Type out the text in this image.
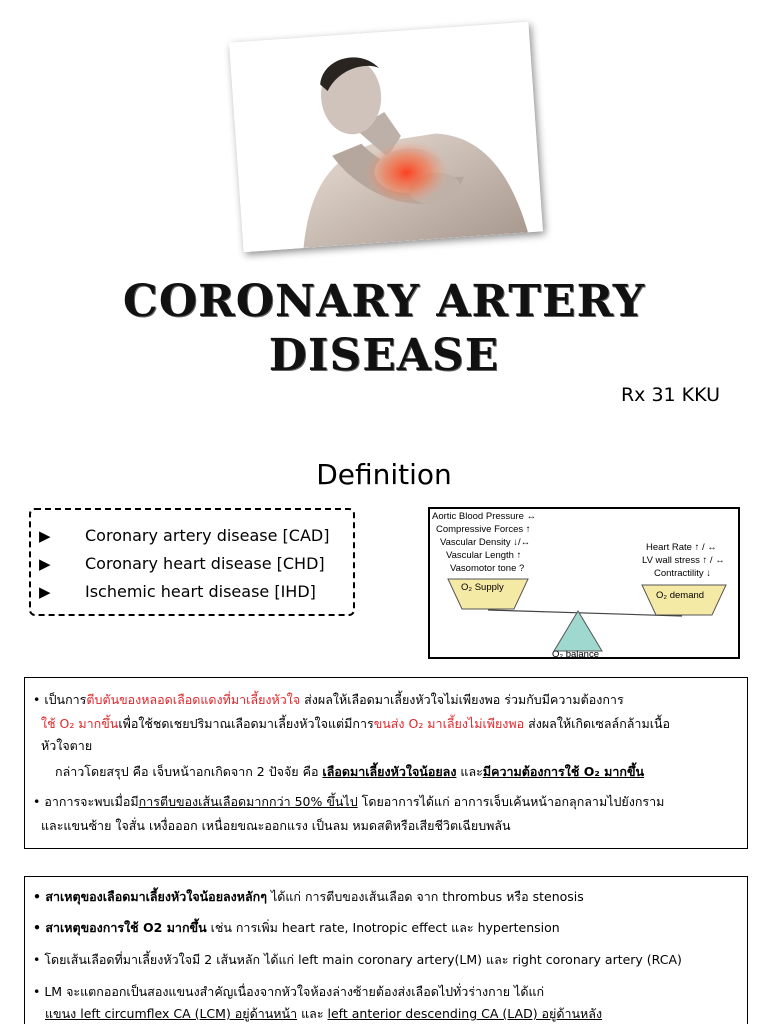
CORONARY ARTERY
DISEASE
Rx 31 KKU
Definition
▶	Coronary artery disease [CAD]
▶	Coronary heart disease [CHD]
▶	Ischemic heart disease [IHD]
Aortic Blood Pressure ↔
Compressive Forces ↑
Vascular Density ↓/↔
Vascular Length ↑
Vasomotor tone ?
Heart Rate ↑ / ↔
LV wall stress ↑ / ↔
Contractility ↓
O₂ Supply
O₂ demand
O₂ balance
• เป็นการตีบตันของหลอดเลือดแดงที่มาเลี้ยงหัวใจ ส่งผลให้เลือดมาเลี้ยงหัวใจไม่เพียงพอ ร่วมกับมีความต้องการ
ใช้ O₂ มากขึ้นเพื่อใช้ชดเชยปริมาณเลือดมาเลี้ยงหัวใจแต่มีการขนส่ง O₂ มาเลี้ยงไม่เพียงพอ ส่งผลให้เกิดเซลล์กล้ามเนื้อ
หัวใจตาย
กล่าวโดยสรุป คือ เจ็บหน้าอกเกิดจาก 2 ปัจจัย คือ เลือดมาเลี้ยงหัวใจน้อยลง และมีความต้องการใช้ O₂ มากขึ้น
• อาการจะพบเมื่อมีการตีบของเส้นเลือดมากกว่า 50% ขึ้นไป โดยอาการได้แก่ อาการเจ็บเค้นหน้าอกลุกลามไปยังกราม
และแขนซ้าย ใจสั่น เหงื่อออก เหนื่อยขณะออกแรง เป็นลม หมดสติหรือเสียชีวิตเฉียบพลัน
• สาเหตุของเลือดมาเลี้ยงหัวใจน้อยลงหลักๆ ได้แก่ การตีบของเส้นเลือด จาก thrombus หรือ stenosis
• สาเหตุของการใช้ O2 มากขึ้น เช่น การเพิ่ม heart rate, Inotropic effect และ hypertension
• โดยเส้นเลือดที่มาเลี้ยงหัวใจมี 2 เส้นหลัก ได้แก่ left main coronary artery(LM) และ right coronary artery (RCA)
• LM จะแตกออกเป็นสองแขนงสำคัญเนื่องจากหัวใจห้องล่างซ้ายต้องส่งเลือดไปทั่วร่างกาย ได้แก่
แขนง left circumflex CA (LCM) อยู่ด้านหน้า และ left anterior descending CA (LAD) อยู่ด้านหลัง
